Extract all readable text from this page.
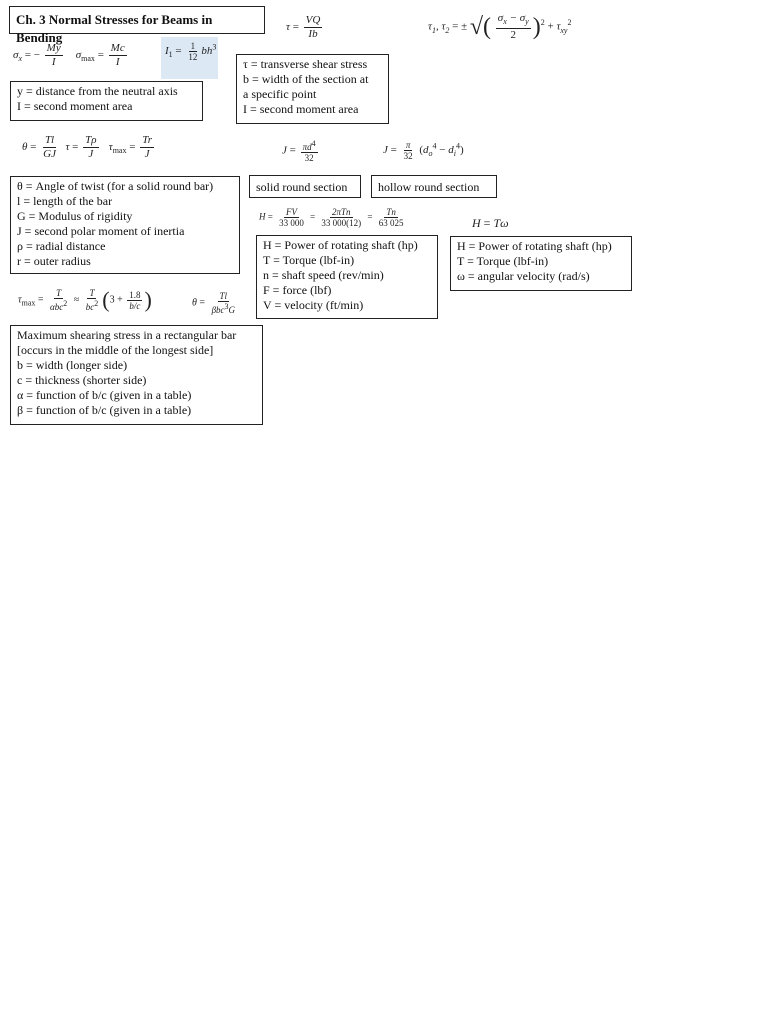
Ch. 3 Normal Stresses for Beams in Bending
$\tau = \frac{VQ}{Ib}$	$\tau_1$, $\tau_2$ = ± √( $\frac{\sigma_x - \sigma_y}{2} )^2 + \tau_{xy}^2$
$\sigma_x$ = − $\frac{My}{I} \sigma_{max} = \frac{Mc}{I}$	$I_1 = \frac{1}{12} bh^3$
τ = transverse shear stress
b = width of the section at
a specific point
I = second moment area
y = distance from the neutral axis
I = second moment area
$\theta = \frac{Tl}{GJ}$ $\tau = \frac{T\rho}{J} \tau_{max} = \frac{Tr}{J}$	$J = \frac{\pi d^4}{32}$	$J = \frac{\pi}{32} (d_o^4 - d_i^4)$
θ = Angle of twist (for a solid round bar)
l = length of the bar
G = Modulus of rigidity
J = second polar moment of inertia
ρ = radial distance
r = outer radius
solid round section	hollow round section
$H = \frac{FV}{33 000} = \frac{\text{2πTn}}{33 000(12)} = \frac{Tn}{63 025}$	H = Tω
H = Power of rotating shaft (hp)
T = Torque (lbf-in)
n = shaft speed (rev/min)
F = force (lbf)
V = velocity (ft/min)
H = Power of rotating shaft (hp)
T = Torque (lbf-in)
ω = angular velocity (rad/s)
$\tau_{max} = \frac{T}{\alpha bc^2} \approx \frac{T}{bc^2} (3 + \frac{1.8}{b/c}$ )	$\theta = \frac{Tl}{\beta bc^3G}$
Maximum shearing stress in a rectangular bar
[occurs in the middle of the longest side]
b = width (longer side)
c = thickness (shorter side)
α = function of b/c (given in a table)
β = function of b/c (given in a table)
